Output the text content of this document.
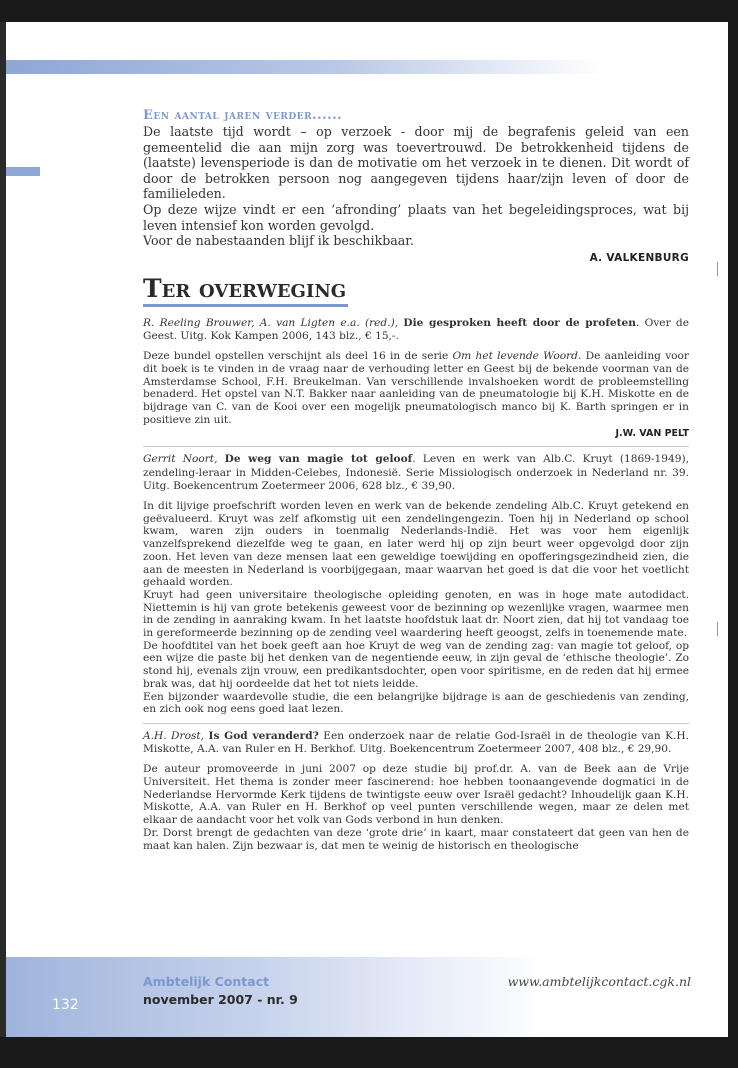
Een aantal jaren verder......

De laatste tijd wordt – op verzoek - door mij de begrafenis geleid van een gemeentelid die aan mijn zorg was toevertrouwd. De betrokkenheid tijdens de (laatste) levensperiode is dan de motivatie om het verzoek in te dienen. Dit wordt of door de betrokken persoon nog aangegeven tijdens haar/zijn leven of door de familieleden.

Op deze wijze vindt er een ‘afronding’ plaats van het begeleidingsproces, wat bij leven intensief kon worden gevolgd.

Voor de nabestaanden blijf ik beschikbaar.

A. VALKENBURG

Ter overweging

R. Reeling Brouwer, A. van Ligten e.a. (red.), Die gesproken heeft door de profeten. Over de Geest. Uitg. Kok Kampen 2006, 143 blz., € 15,-.

Deze bundel opstellen verschijnt als deel 16 in de serie Om het levende Woord. De aanleiding voor dit boek is te vinden in de vraag naar de verhouding letter en Geest bij de bekende voorman van de Amsterdamse School, F.H. Breukelman. Van verschillende invalshoeken wordt de probleemstelling benaderd. Het opstel van N.T. Bakker naar aanleiding van de pneumatologie bij K.H. Miskotte en de bijdrage van C. van de Kooi over een mogelijk pneumatologisch manco bij K. Barth springen er in positieve zin uit.

J.W. VAN PELT

Gerrit Noort, De weg van magie tot geloof. Leven en werk van Alb.C. Kruyt (1869-1949), zendeling-leraar in Midden-Celebes, Indonesië. Serie Missiologisch onderzoek in Nederland nr. 39. Uitg. Boekencentrum Zoetermeer 2006, 628 blz., € 39,90.

In dit lijvige proefschrift worden leven en werk van de bekende zendeling Alb.C. Kruyt getekend en geëvalueerd. Kruyt was zelf afkomstig uit een zendelingengezin. Toen hij in Nederland op school kwam, waren zijn ouders in toenmalig Nederlands-Indië. Het was voor hem eigenlijk vanzelfsprekend diezelfde weg te gaan, en later werd hij op zijn beurt weer opgevolgd door zijn zoon. Het leven van deze mensen laat een geweldige toewijding en opofferingsgezindheid zien, die aan de meesten in Nederland is voorbijgegaan, maar waarvan het goed is dat die voor het voetlicht gehaald worden.

Kruyt had geen universitaire theologische opleiding genoten, en was in hoge mate autodidact. Niettemin is hij van grote betekenis geweest voor de bezinning op wezenlijke vragen, waarmee men in de zending in aanraking kwam. In het laatste hoofdstuk laat dr. Noort zien, dat hij tot vandaag toe in gereformeerde bezinning op de zending veel waardering heeft geoogst, zelfs in toenemende mate.

De hoofdtitel van het boek geeft aan hoe Kruyt de weg van de zending zag: van magie tot geloof, op een wijze die paste bij het denken van de negentiende eeuw, in zijn geval de ‘ethische theologie’. Zo stond hij, evenals zijn vrouw, een predikantsdochter, open voor spiritisme, en de reden dat hij ermee brak was, dat hij oordeelde dat het tot niets leidde.

Een bijzonder waardevolle studie, die een belangrijke bijdrage is aan de geschiedenis van zending, en zich ook nog eens goed laat lezen.

A.H. Drost, Is God veranderd? Een onderzoek naar de relatie God-Israël in de theologie van K.H. Miskotte, A.A. van Ruler en H. Berkhof. Uitg. Boekencentrum Zoetermeer 2007, 408 blz., € 29,90.

De auteur promoveerde in juni 2007 op deze studie bij prof.dr. A. van de Beek aan de Vrije Universiteit. Het thema is zonder meer fascinerend: hoe hebben toonaangevende dogmatici in de Nederlandse Hervormde Kerk tijdens de twintigste eeuw over Israël gedacht? Inhoudelijk gaan K.H. Miskotte, A.A. van Ruler en H. Berkhof op veel punten verschillende wegen, maar ze delen met elkaar de aandacht voor het volk van Gods verbond in hun denken.

Dr. Dorst brengt de gedachten van deze ‘grote drie’ in kaart, maar constateert dat geen van hen de maat kan halen. Zijn bezwaar is, dat men te weinig de historisch en theologische

132
Ambtelijk Contact
november 2007 - nr. 9
www.ambtelijkcontact.cgk.nl
